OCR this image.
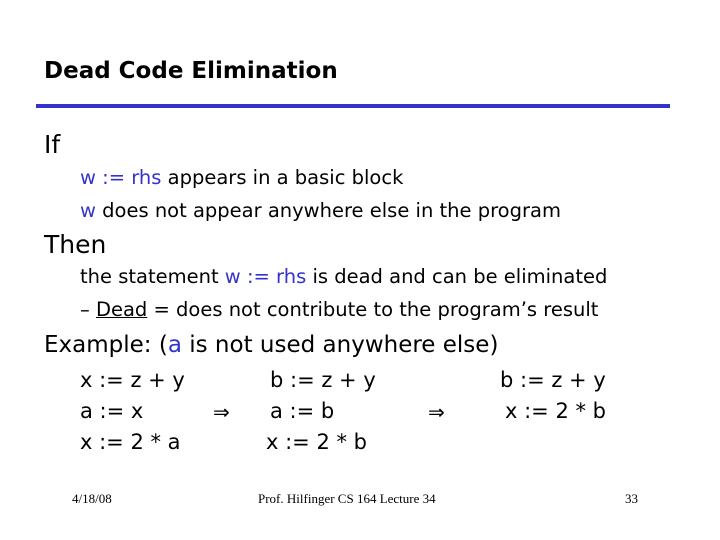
Dead Code Elimination
If
w := rhs appears in a basic block
w does not appear anywhere else in the program
Then
the statement w := rhs is dead and can be eliminated
– Dead = does not contribute to the program’s result
Example: (a is not used anywhere else)
x := z + y
a := x
x := 2 * a
⇒
b := z + y
a := b
x := 2 * b
⇒
b := z + y
x := 2 * b
4/18/08	Prof. Hilfinger CS 164 Lecture 34	33
